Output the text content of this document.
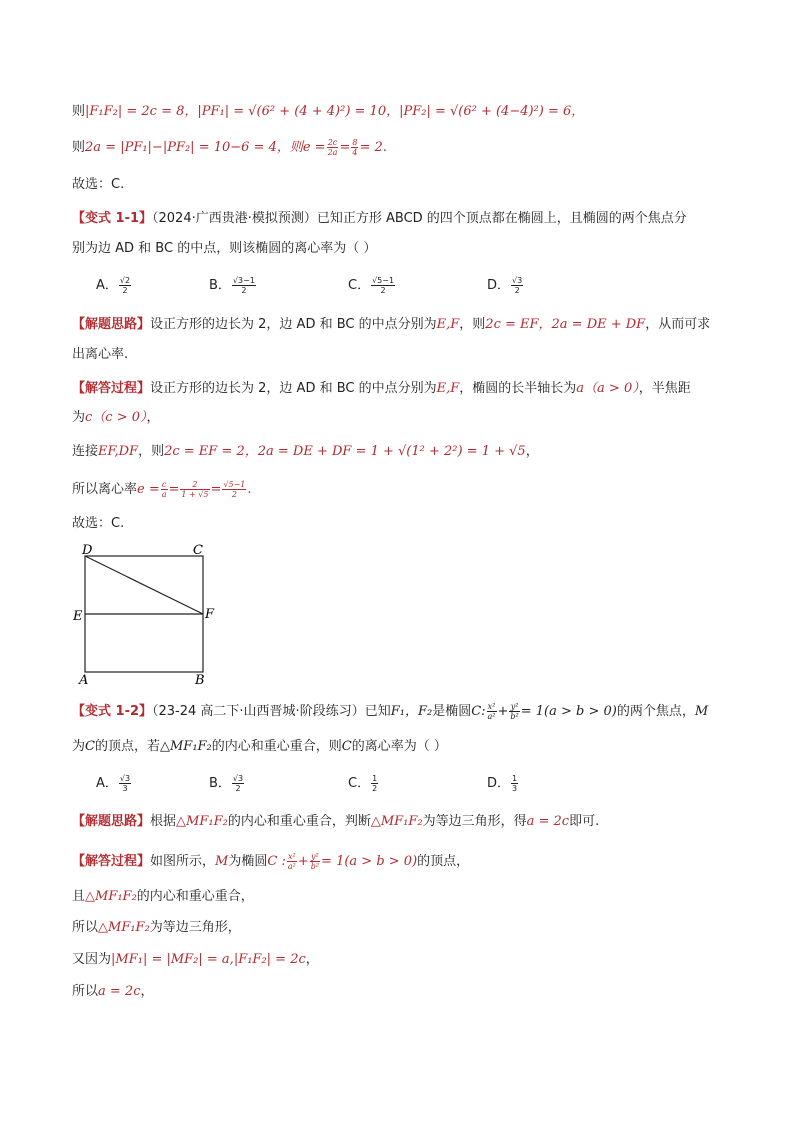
则|F₁F₂| = 2c = 8，|PF₁| = √(6² + (4 + 4)²) = 10，|PF₂| = √(6² + (4−4)²) = 6，
则2a = |PF₁|−|PF₂| = 10−6 = 4，则$e = \frac{2c}{2a} = \frac{8}{4} = 2$.
故选：C.
【变式 1-1】（2024·广西贵港·模拟预测）已知正方形 ABCD 的四个顶点都在椭圆上，且椭圆的两个焦点分
别为边 AD 和 BC 的中点，则该椭圆的离心率为（ ）
A． $\frac{√2}{2}$	B． $\frac{√3-1}{2}$	C． $\frac{√5-1}{2}$	D． $\frac{√3}{2}$
【解题思路】设正方形的边长为 2，边 AD 和 BC 的中点分别为E,F，则2c = EF，2a = DE + DF，从而可求
出离心率.
【解答过程】设正方形的边长为 2，边 AD 和 BC 的中点分别为E,F，椭圆的长半轴长为a（a > 0），半焦距
为c（c > 0），
连接EF,DF，则2c = EF = 2，2a = DE + DF = 1 + √(1² + 2²) = 1 + √5，
所以离心率$e = \frac{c}{a} = \frac{2}{1 + √5} = \frac{√5-1}{2}$ .
故选：C.
D	C
E	F
A	B
【变式 1-2】（23-24 高二下·山西晋城·阶段练习）已知F₁，F₂是椭圆C: $\frac{\text{x²}}{\text{a²}} + \frac{\text{y²}}{\text{b²}} = 1(a > b > 0)$的两个焦点，M
为C的顶点，若△MF₁F₂的内心和重心重合，则C的离心率为（ ）
A． $\frac{√3}{3}$	B． $\frac{√3}{2}$	C． $\frac{1}{2}$	D． $\frac{1}{3}$
【解题思路】根据△MF₁F₂的内心和重心重合，判断△MF₁F₂为等边三角形，得a = 2c即可.
【解答过程】如图所示，M为椭圆C : $\frac{\text{x²}}{\text{a²}} + \frac{\text{y²}}{\text{b²}} = 1(a > b > 0)$的顶点，
且△MF₁F₂的内心和重心重合，
所以△MF₁F₂为等边三角形，
又因为|MF₁| = |MF₂| = a,|F₁F₂| = 2c，
所以a = 2c，
